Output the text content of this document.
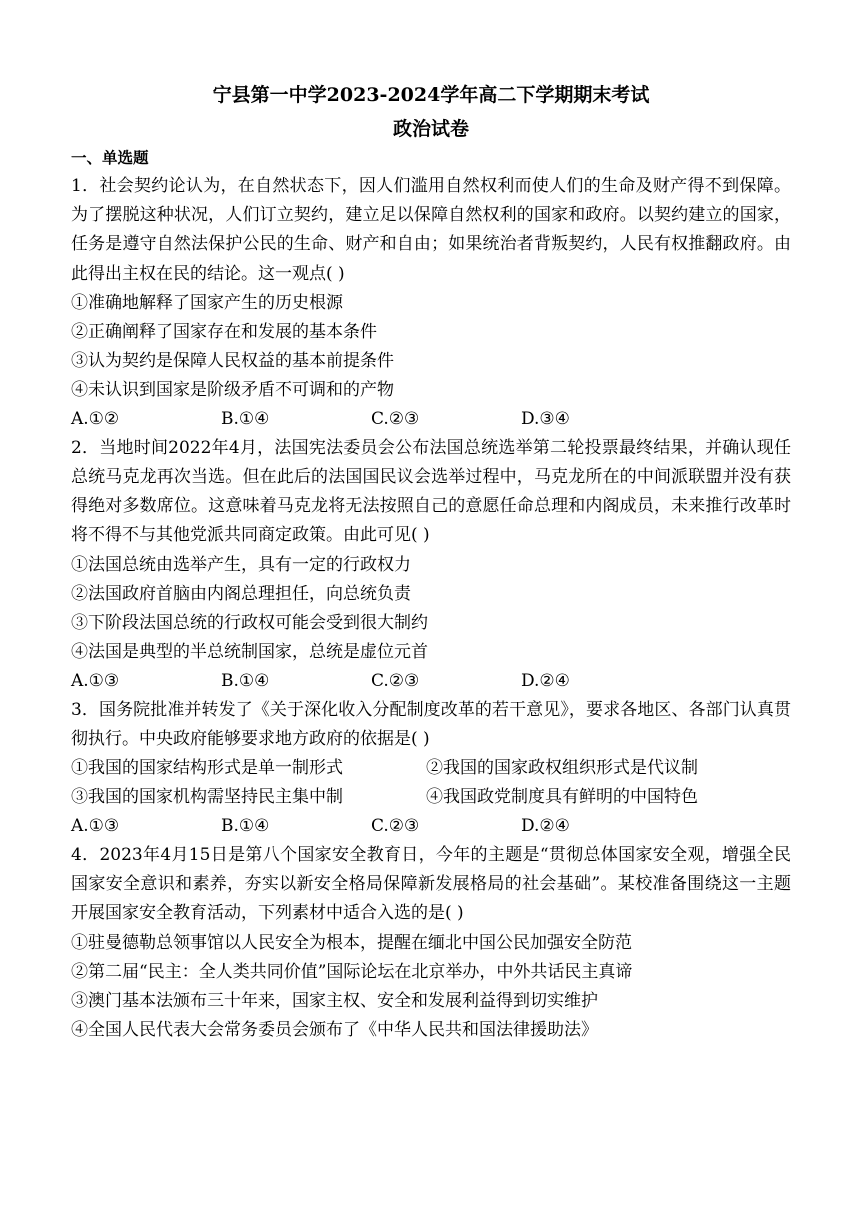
宁县第一中学2023-2024学年高二下学期期末考试

政治试卷

一、单选题

1．社会契约论认为，在自然状态下，因人们滥用自然权利而使人们的生命及财产得不到保障。为了摆脱这种状况，人们订立契约，建立足以保障自然权利的国家和政府。以契约建立的国家，任务是遵守自然法保护公民的生命、财产和自由；如果统治者背叛契约，人民有权推翻政府。由此得出主权在民的结论。这一观点( )

①准确地解释了国家产生的历史根源

②正确阐释了国家存在和发展的基本条件

③认为契约是保障人民权益的基本前提条件

④未认识到国家是阶级矛盾不可调和的产物

A.①②	B.①④	C.②③	D.③④

2．当地时间2022年4月，法国宪法委员会公布法国总统选举第二轮投票最终结果，并确认现任总统马克龙再次当选。但在此后的法国国民议会选举过程中，马克龙所在的中间派联盟并没有获得绝对多数席位。这意味着马克龙将无法按照自己的意愿任命总理和内阁成员，未来推行改革时将不得不与其他党派共同商定政策。由此可见( )

①法国总统由选举产生，具有一定的行政权力

②法国政府首脑由内阁总理担任，向总统负责

③下阶段法国总统的行政权可能会受到很大制约

④法国是典型的半总统制国家，总统是虚位元首

A.①③	B.①④	C.②③	D.②④

3．国务院批准并转发了《关于深化收入分配制度改革的若干意见》，要求各地区、各部门认真贯彻执行。中央政府能够要求地方政府的依据是( )

①我国的国家结构形式是单一制形式	②我国的国家政权组织形式是代议制
③我国的国家机构需坚持民主集中制	④我国政党制度具有鲜明的中国特色
A.①③	B.①④	C.②③	D.②④

4．2023年4月15日是第八个国家安全教育日，今年的主题是“贯彻总体国家安全观，增强全民国家安全意识和素养，夯实以新安全格局保障新发展格局的社会基础”。某校准备围绕这一主题开展国家安全教育活动，下列素材中适合入选的是( )

①驻曼德勒总领事馆以人民安全为根本，提醒在缅北中国公民加强安全防范

②第二届“民主：全人类共同价值”国际论坛在北京举办，中外共话民主真谛

③澳门基本法颁布三十年来，国家主权、安全和发展利益得到切实维护

④全国人民代表大会常务委员会颁布了《中华人民共和国法律援助法》
